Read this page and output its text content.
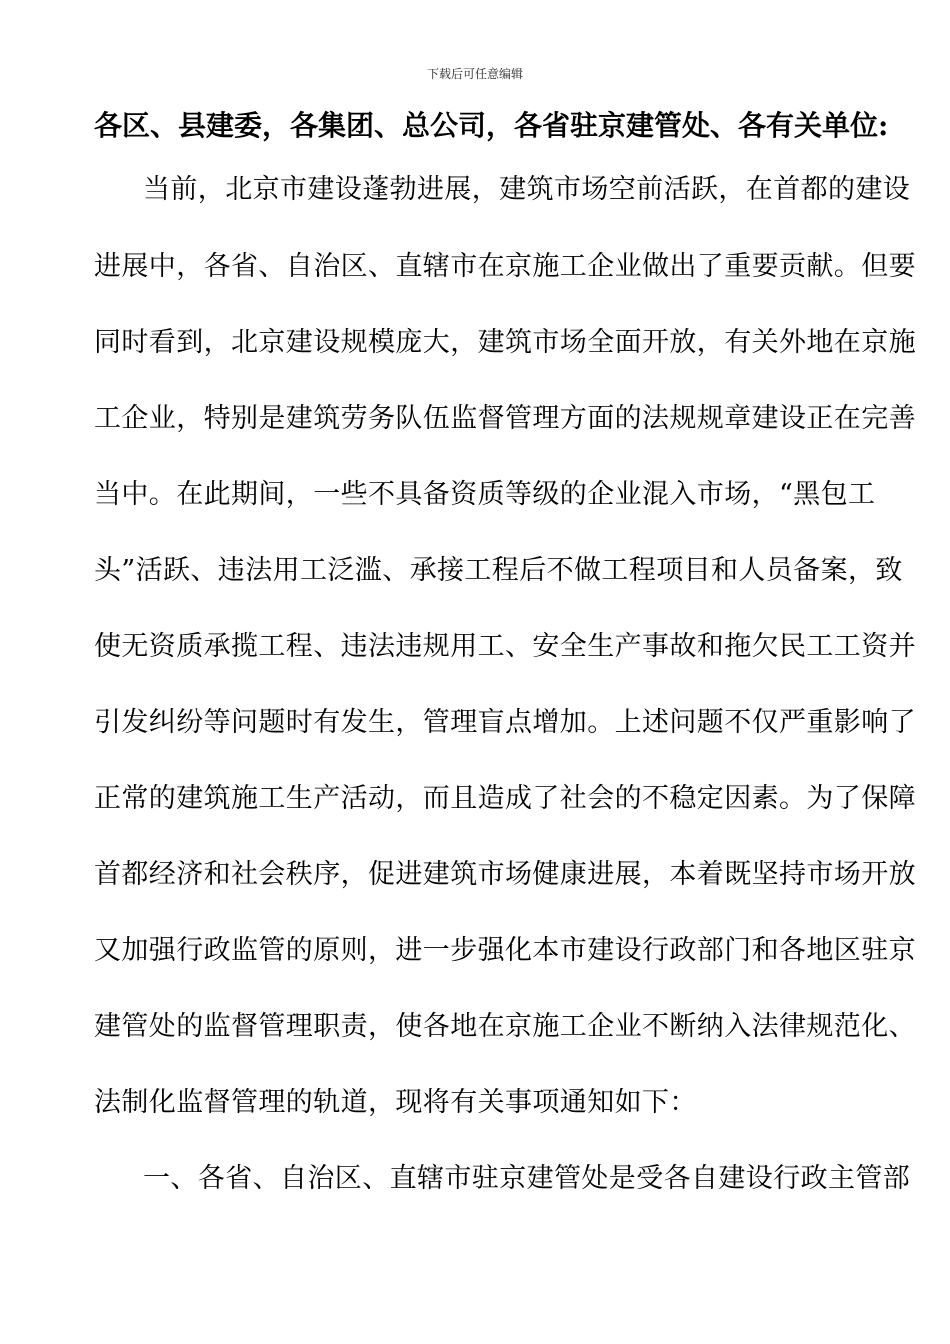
下载后可任意编辑
各区、县建委，各集团、总公司，各省驻京建管处、各有关单位:
当前，北京市建设蓬勃进展，建筑市场空前活跃，在首都的建设
进展中，各省、自治区、直辖市在京施工企业做出了重要贡献。但要
同时看到，北京建设规模庞大，建筑市场全面开放，有关外地在京施
工企业，特别是建筑劳务队伍监督管理方面的法规规章建设正在完善
当中。在此期间，一些不具备资质等级的企业混入市场，“黑包工
头”活跃、违法用工泛滥、承接工程后不做工程项目和人员备案，致
使无资质承揽工程、违法违规用工、安全生产事故和拖欠民工工资并
引发纠纷等问题时有发生，管理盲点增加。上述问题不仅严重影响了
正常的建筑施工生产活动，而且造成了社会的不稳定因素。为了保障
首都经济和社会秩序，促进建筑市场健康进展，本着既坚持市场开放
又加强行政监管的原则，进一步强化本市建设行政部门和各地区驻京
建管处的监督管理职责，使各地在京施工企业不断纳入法律规范化、
法制化监督管理的轨道，现将有关事项通知如下：
一、各省、自治区、直辖市驻京建管处是受各自建设行政主管部
